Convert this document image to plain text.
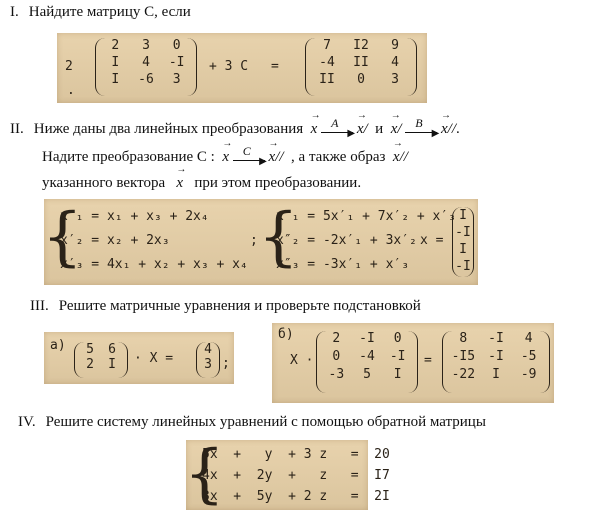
I. Найдите матрицу С, если
2
2	3	0
I	4	-I
I	-6	3
+ 3 C =
7	I2	9
-4	II	4
II	0	3
.
II. Ниже даны два линейных преобразования → x	▶
A → x/ и → x/	▶
B → x//.
Надите преобразование С : → x	▶
C → x// , а также образ → x//
указанного вектора → x при этом преобразовании.
{
x′₁ = x₁ + x₃ + 2x₄
x′₂ = x₂ + 2x₃
x′₃ = 4x₁ + x₂ + x₃ + x₄
; {
x″₁ = 5x′₁ + 7x′₂ + x′₃
x″₂ = -2x′₁ + 3x′₂
x″₃ = -3x′₁ + x′₃
x =
I
-I
I
-I
III. Решите матричные уравнения и проверьте подстановкой
а)	5	6
2	I	· X =
4
3 ;
б)
X ·
2	-I	0
0	-4	-I
-3	5	I
=
8	-I	4
-I5	-I	-5
-22	I	-9
IV. Решите систему линейных уравнений с помощью обратной матрицы
{
5x  +   y  + 3 z   =  20
4x  +  2y  +   z   =  I7
3x  +  5y  + 2 z   =  2I
